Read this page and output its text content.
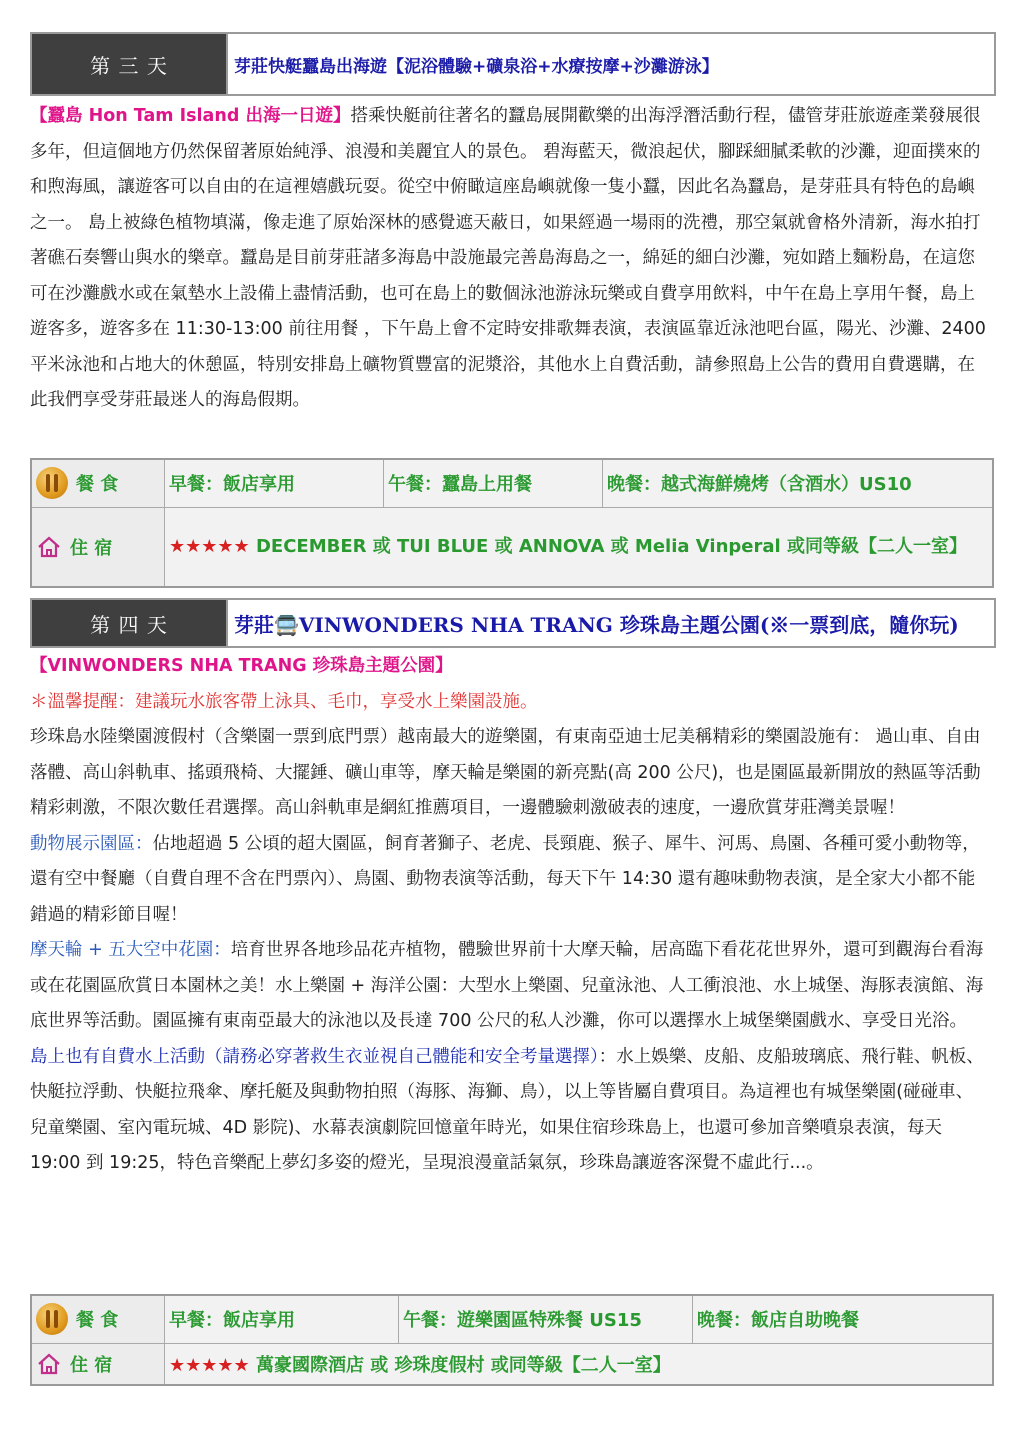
第 三 天	芽莊快艇蠶島出海遊【泥浴體驗+礦泉浴+水療按摩+沙灘游泳】
【蠶島 Hon Tam Island 出海一日遊】搭乘快艇前往著名的蠶島展開歡樂的出海浮潛活動行程，儘管芽莊旅遊產業發展很多年，但這個地方仍然保留著原始純淨、浪漫和美麗宜人的景色。 碧海藍天，微浪起伏，腳踩細膩柔軟的沙灘，迎面撲來的和煦海風，讓遊客可以自由的在這裡嬉戲玩耍。從空中俯瞰這座島嶼就像一隻小蠶，因此名為蠶島，是芽莊具有特色的島嶼之一。 島上被綠色植物填滿，像走進了原始深林的感覺遮天蔽日，如果經過一場雨的洗禮，那空氣就會格外清新，海水拍打著礁石奏響山與水的樂章。蠶島是目前芽莊諸多海島中設施最完善島海島之一，綿延的細白沙灘，宛如踏上麵粉島，在這您可在沙灘戲水或在氣墊水上設備上盡情活動，也可在島上的數個泳池游泳玩樂或自費享用飲料，中午在島上享用午餐，島上遊客多，遊客多在 11:30-13:00 前往用餐 ，下午島上會不定時安排歌舞表演，表演區靠近泳池吧台區，陽光、沙灘、2400 平米泳池和占地大的休憩區，特別安排島上礦物質豐富的泥漿浴，其他水上自費活動，請參照島上公告的費用自費選購，在此我們享受芽莊最迷人的海島假期。
餐 食	早餐：飯店享用	午餐：蠶島上用餐	晚餐：越式海鮮燒烤（含酒水）US10

住 宿	★★★★★ DECEMBER 或 TUI BLUE 或 ANNOVA 或 Melia Vinperal 或同等級【二人一室】		
第 四 天	芽莊🚍VINWONDERS NHA TRANG 珍珠島主題公園(※一票到底，隨你玩)
【VINWONDERS NHA TRANG 珍珠島主題公園】
＊溫馨提醒：建議玩水旅客帶上泳具、毛巾，享受水上樂園設施。
珍珠島水陸樂園渡假村（含樂園一票到底門票）越南最大的遊樂園，有東南亞迪士尼美稱精彩的樂園設施有： 過山車、自由落體、高山斜軌車、搖頭飛椅、大擺錘、礦山車等，摩天輪是樂園的新亮點(高 200 公尺)，也是園區最新開放的熱區等活動精彩刺激，不限次數任君選擇。高山斜軌車是網紅推薦項目，一邊體驗刺激破表的速度，一邊欣賞芽莊灣美景喔！
動物展示園區：佔地超過 5 公頃的超大園區，飼育著獅子、老虎、長頸鹿、猴子、犀牛、河馬、鳥園、各種可愛小動物等，還有空中餐廳（自費自理不含在門票內）、鳥園、動物表演等活動，每天下午 14:30 還有趣味動物表演，是全家大小都不能錯過的精彩節目喔！
摩天輪 + 五大空中花園：培育世界各地珍品花卉植物，體驗世界前十大摩天輪，居高臨下看花花世界外，還可到觀海台看海或在花園區欣賞日本園林之美！水上樂園 + 海洋公園：大型水上樂園、兒童泳池、人工衝浪池、水上城堡、海豚表演館、海底世界等活動。園區擁有東南亞最大的泳池以及長達 700 公尺的私人沙灘，你可以選擇水上城堡樂園戲水、享受日光浴。
島上也有自費水上活動（請務必穿著救生衣並視自己體能和安全考量選擇）：水上娛樂、皮船、皮船玻璃底、飛行鞋、帆板、快艇拉浮動、快艇拉飛傘、摩托艇及與動物拍照（海豚、海獅、鳥），以上等皆屬自費項目。為這裡也有城堡樂園(碰碰車、兒童樂園、室內電玩城、4D 影院)、水幕表演劇院回憶童年時光，如果住宿珍珠島上，也還可參加音樂噴泉表演，每天 19:00 到 19:25，特色音樂配上夢幻多姿的燈光，呈現浪漫童話氣氛，珍珠島讓遊客深覺不虛此行...。
餐 食	早餐：飯店享用	午餐：遊樂園區特殊餐 US15	晚餐：飯店自助晚餐

住 宿	★★★★★ 萬豪國際酒店 或 珍珠度假村 或同等級【二人一室】		
